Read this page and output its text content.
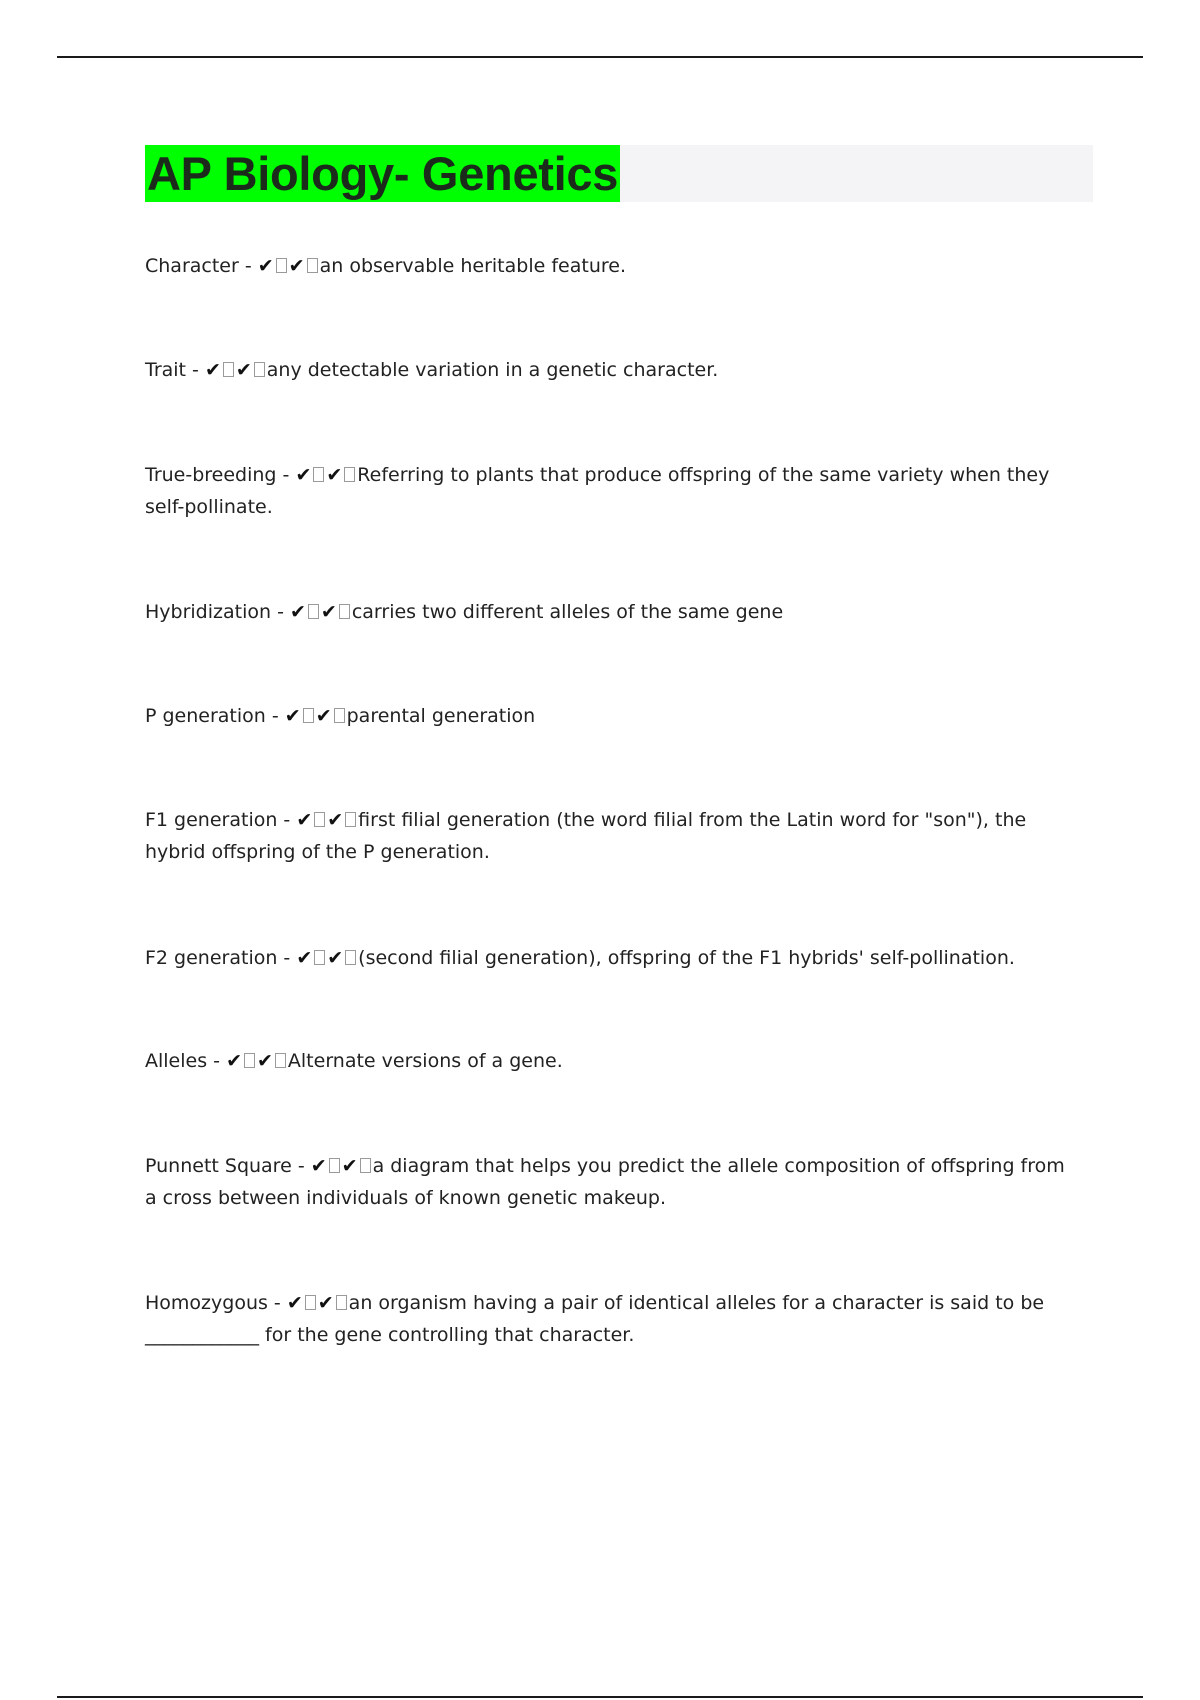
AP Biology- Genetics

Character - ✔ ✔ an observable heritable feature.

Trait - ✔ ✔ any detectable variation in a genetic character.

True-breeding - ✔ ✔ Referring to plants that produce offspring of the same variety when they self-pollinate.

Hybridization - ✔ ✔ carries two different alleles of the same gene

P generation - ✔ ✔ parental generation

F1 generation - ✔ ✔ first filial generation (the word filial from the Latin word for "son"), the hybrid offspring of the P generation.

F2 generation - ✔ ✔ (second filial generation), offspring of the F1 hybrids' self-pollination.

Alleles - ✔ ✔ Alternate versions of a gene.

Punnett Square - ✔ ✔ a diagram that helps you predict the allele composition of offspring from a cross between individuals of known genetic makeup.

Homozygous - ✔ ✔ an organism having a pair of identical alleles for a character is said to be ____________ for the gene controlling that character.
